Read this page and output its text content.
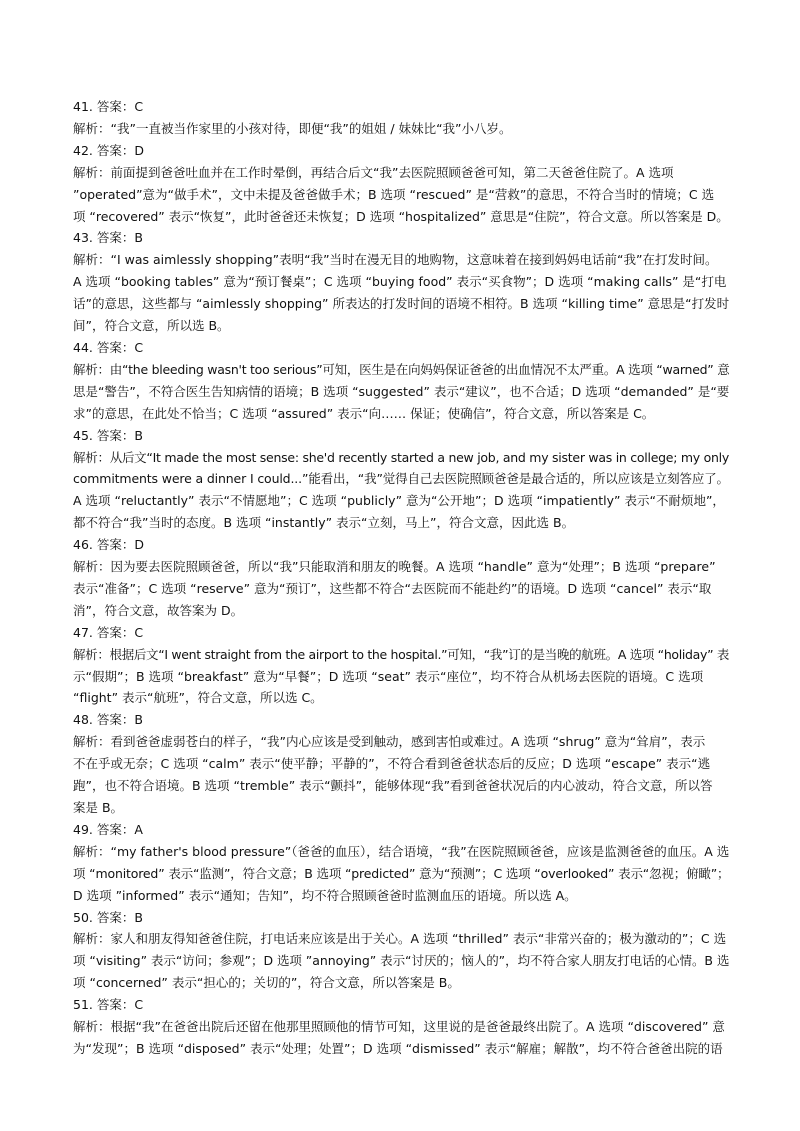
41. 答案：C
解析：“我”一直被当作家里的小孩对待，即便“我”的姐姐 / 妹妹比“我”小八岁。
42. 答案：D
解析：前面提到爸爸吐血并在工作时晕倒，再结合后文“我”去医院照顾爸爸可知，第二天爸爸住院了。A 选项
”operated”意为“做手术”，文中未提及爸爸做手术；B 选项 “rescued” 是“营救”的意思，不符合当时的情境；C 选
项 “recovered” 表示“恢复”，此时爸爸还未恢复；D 选项 “hospitalized” 意思是“住院”，符合文意。所以答案是 D。
43. 答案：B
解析：“I was aimlessly shopping”表明“我”当时在漫无目的地购物，这意味着在接到妈妈电话前“我”在打发时间。
A 选项 “booking tables” 意为“预订餐桌”；C 选项 “buying food” 表示“买食物”；D 选项 “making calls” 是“打电
话”的意思，这些都与 “aimlessly shopping” 所表达的打发时间的语境不相符。B 选项 “killing time” 意思是“打发时
间”，符合文意，所以选 B。
44. 答案：C
解析：由“the bleeding wasn't too serious”可知，医生是在向妈妈保证爸爸的出血情况不太严重。A 选项 “warned” 意
思是“警告”，不符合医生告知病情的语境；B 选项 “suggested” 表示“建议”，也不合适；D 选项 “demanded” 是“要
求”的意思，在此处不恰当；C 选项 “assured” 表示“向…… 保证；使确信”，符合文意，所以答案是 C。
45. 答案：B
解析：从后文“It made the most sense: she'd recently started a new job, and my sister was in college; my only
commitments were a dinner I could...”能看出，“我”觉得自己去医院照顾爸爸是最合适的，所以应该是立刻答应了。
A 选项 “reluctantly” 表示“不情愿地”；C 选项 “publicly” 意为“公开地”；D 选项 “impatiently” 表示“不耐烦地”，
都不符合“我”当时的态度。B 选项 “instantly” 表示“立刻，马上”，符合文意，因此选 B。
46. 答案：D
解析：因为要去医院照顾爸爸，所以“我”只能取消和朋友的晚餐。A 选项 “handle” 意为“处理”；B 选项 “prepare”
表示“准备”；C 选项 “reserve” 意为“预订”，这些都不符合“去医院而不能赴约”的语境。D 选项 “cancel” 表示“取
消”，符合文意，故答案为 D。
47. 答案：C
解析：根据后文“I went straight from the airport to the hospital.”可知，“我”订的是当晚的航班。A 选项 “holiday” 表
示“假期”；B 选项 “breakfast” 意为“早餐”；D 选项 “seat” 表示“座位”，均不符合从机场去医院的语境。C 选项
“flight” 表示“航班”，符合文意，所以选 C。
48. 答案：B
解析：看到爸爸虚弱苍白的样子，“我”内心应该是受到触动，感到害怕或难过。A 选项 “shrug” 意为“耸肩”，表示
不在乎或无奈；C 选项 “calm” 表示“使平静；平静的”，不符合看到爸爸状态后的反应；D 选项 “escape” 表示“逃
跑”，也不符合语境。B 选项 “tremble” 表示“颤抖”，能够体现“我”看到爸爸状况后的内心波动，符合文意，所以答
案是 B。
49. 答案：A
解析：“my father's blood pressure”（爸爸的血压），结合语境，“我”在医院照顾爸爸，应该是监测爸爸的血压。A 选
项 “monitored” 表示“监测”，符合文意；B 选项 “predicted” 意为“预测”；C 选项 “overlooked” 表示“忽视；俯瞰”；
D 选项 ”informed” 表示“通知；告知”，均不符合照顾爸爸时监测血压的语境。所以选 A。
50. 答案：B
解析：家人和朋友得知爸爸住院，打电话来应该是出于关心。A 选项 “thrilled” 表示“非常兴奋的；极为激动的”；C 选
项 “visiting” 表示“访问；参观”；D 选项 ”annoying” 表示“讨厌的；恼人的”，均不符合家人朋友打电话的心情。B 选
项 “concerned” 表示“担心的；关切的”，符合文意，所以答案是 B。
51. 答案：C
解析：根据“我”在爸爸出院后还留在他那里照顾他的情节可知，这里说的是爸爸最终出院了。A 选项 “discovered” 意
为“发现”；B 选项 “disposed” 表示“处理；处置”；D 选项 “dismissed” 表示“解雇；解散”，均不符合爸爸出院的语
